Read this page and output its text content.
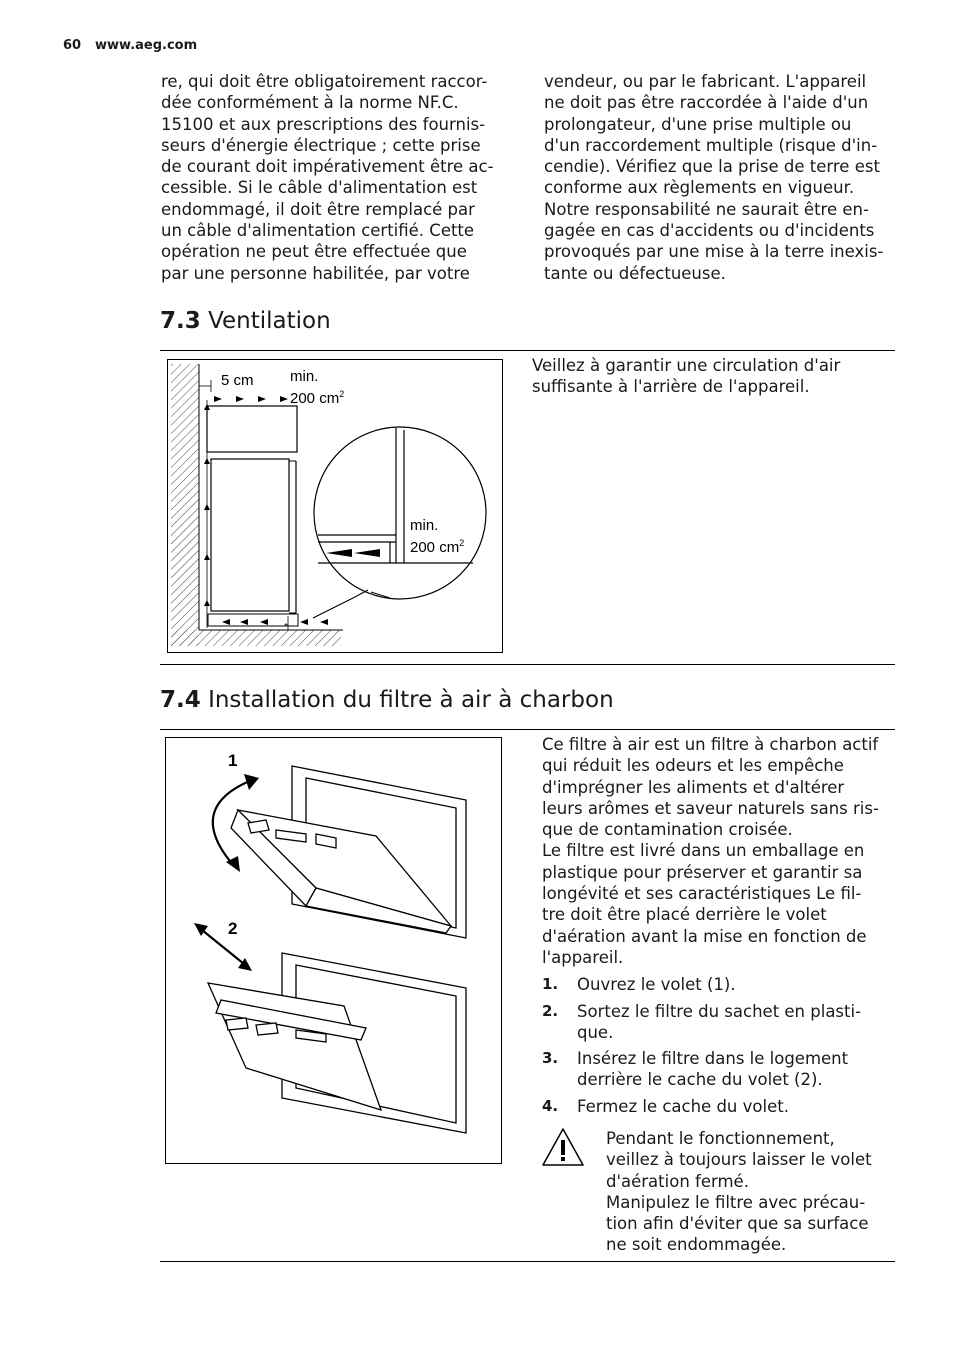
60 www.aeg.com

re, qui doit être obligatoirement raccor-
dée conformément à la norme NF.C.
15100 et aux prescriptions des fournis-
seurs d'énergie électrique ; cette prise
de courant doit impérativement être ac-
cessible. Si le câble d'alimentation est
endommagé, il doit être remplacé par
un câble d'alimentation certifié. Cette
opération ne peut être effectuée que
par une personne habilitée, par votre

vendeur, ou par le fabricant. L'appareil
ne doit pas être raccordée à l'aide d'un
prolongateur, d'une prise multiple ou
d'un raccordement multiple (risque d'in-
cendie). Vérifiez que la prise de terre est
conforme aux règlements en vigueur.
Notre responsabilité ne saurait être en-
gagée en cas d'accidents ou d'incidents
provoqués par une mise à la terre inexis-
tante ou défectueuse.

7.3 Ventilation
5 cm min.
200 $cm^2$
*
min.
200 $cm^2$

Veillez à garantir une circulation d'air
suffisante à l'arrière de l'appareil.

7.4 Installation du filtre à air à charbon
1
2

Ce filtre à air est un filtre à charbon actif
qui réduit les odeurs et les empêche
d'imprégner les aliments et d'altérer
leurs arômes et saveur naturels sans ris-
que de contamination croisée.
Le filtre est livré dans un emballage en
plastique pour préserver et garantir sa
longévité et ses caractéristiques Le fil-
tre doit être placé derrière le volet
d'aération avant la mise en fonction de
l'appareil.

1. Ouvrez le volet (1).
2. Sortez le filtre du sachet en plasti-
que.
3. Insérez le filtre dans le logement
derrière le cache du volet (2).
4. Fermez le cache du volet.

Pendant le fonctionnement,
veillez à toujours laisser le volet
d'aération fermé.
Manipulez le filtre avec précau-
tion afin d'éviter que sa surface
ne soit endommagée.
